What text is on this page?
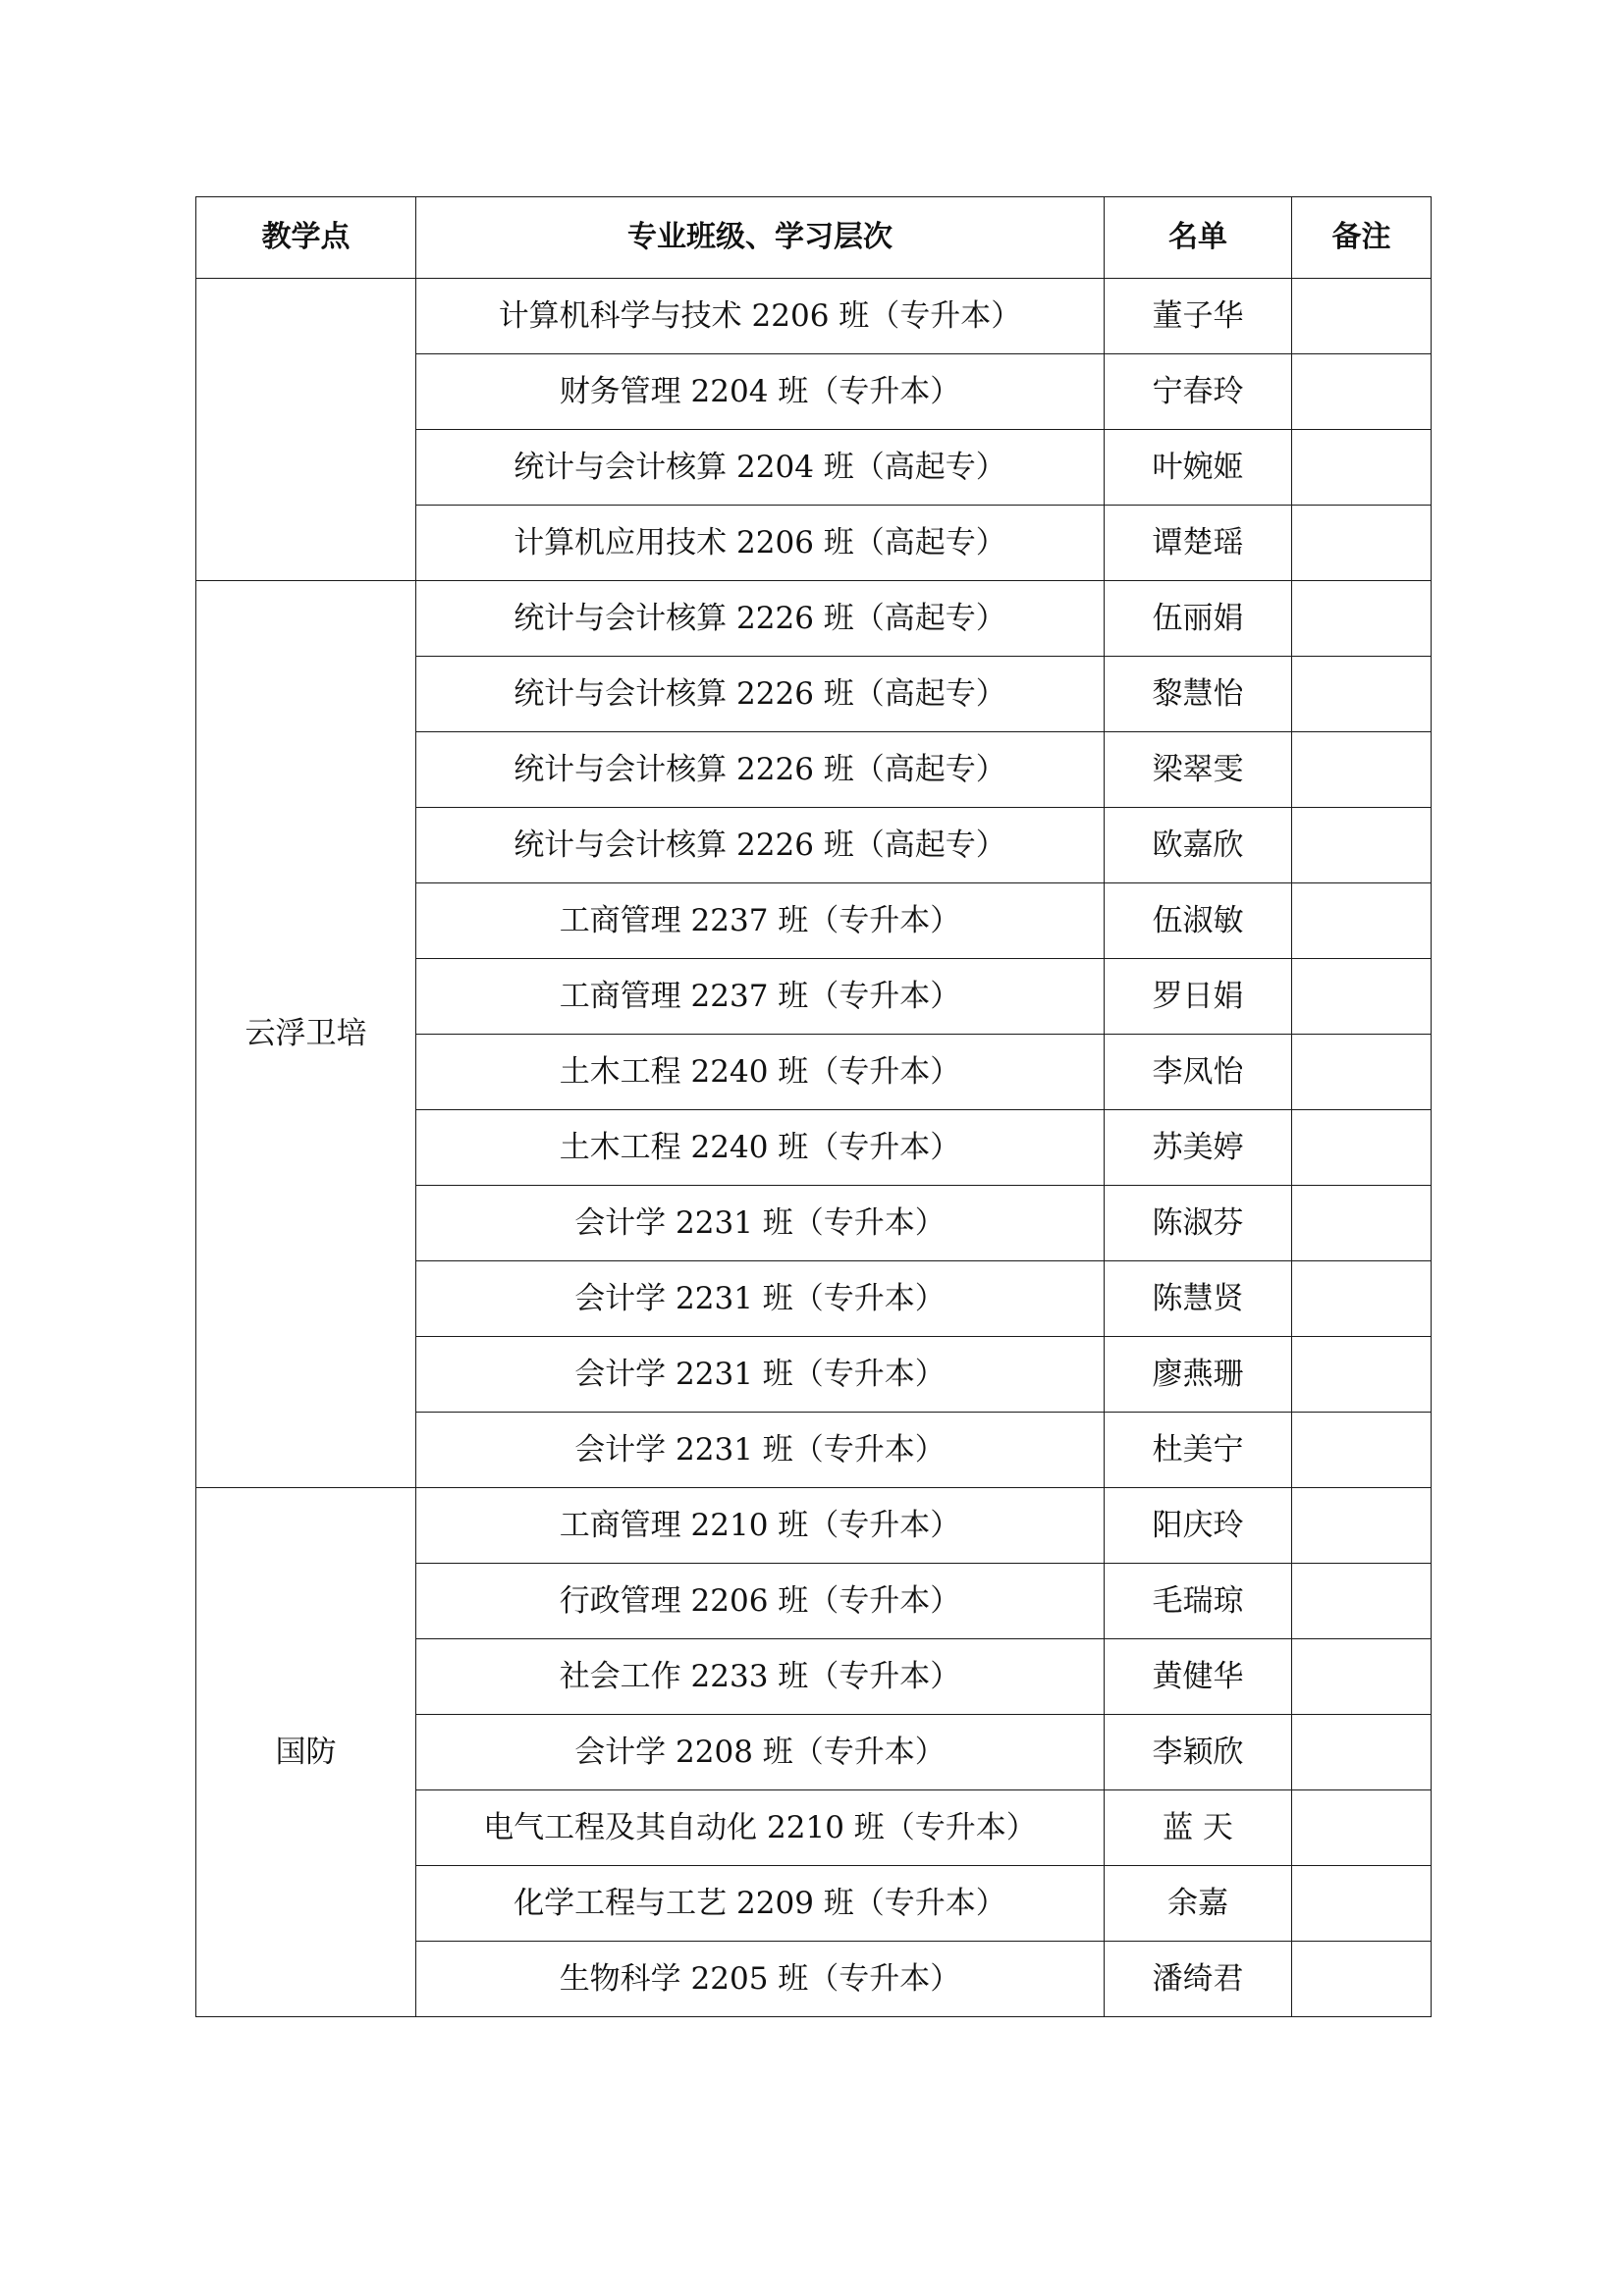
教学点	专业班级、学习层次	名单	备注
	计算机科学与技术 2206 班（专升本）	董子华	
	财务管理 2204 班（专升本）	宁春玲	
	统计与会计核算 2204 班（高起专）	叶婉姬	
	计算机应用技术 2206 班（高起专）	谭楚瑶	
云浮卫培	统计与会计核算 2226 班（高起专）	伍丽娟	
	统计与会计核算 2226 班（高起专）	黎慧怡	
	统计与会计核算 2226 班（高起专）	梁翠雯	
	统计与会计核算 2226 班（高起专）	欧嘉欣	
	工商管理 2237 班（专升本）	伍淑敏	
	工商管理 2237 班（专升本）	罗日娟	
	土木工程 2240 班（专升本）	李凤怡	
	土木工程 2240 班（专升本）	苏美婷	
	会计学 2231 班（专升本）	陈淑芬	
	会计学 2231 班（专升本）	陈慧贤	
	会计学 2231 班（专升本）	廖燕珊	
	会计学 2231 班（专升本）	杜美宁	
国防	工商管理 2210 班（专升本）	阳庆玲	
	行政管理 2206 班（专升本）	毛瑞琼	
	社会工作 2233 班（专升本）	黄健华	
	会计学 2208 班（专升本）	李颖欣	
	电气工程及其自动化 2210 班（专升本）	蓝 天	
	化学工程与工艺 2209 班（专升本）	余嘉	
	生物科学 2205 班（专升本）	潘绮君	
